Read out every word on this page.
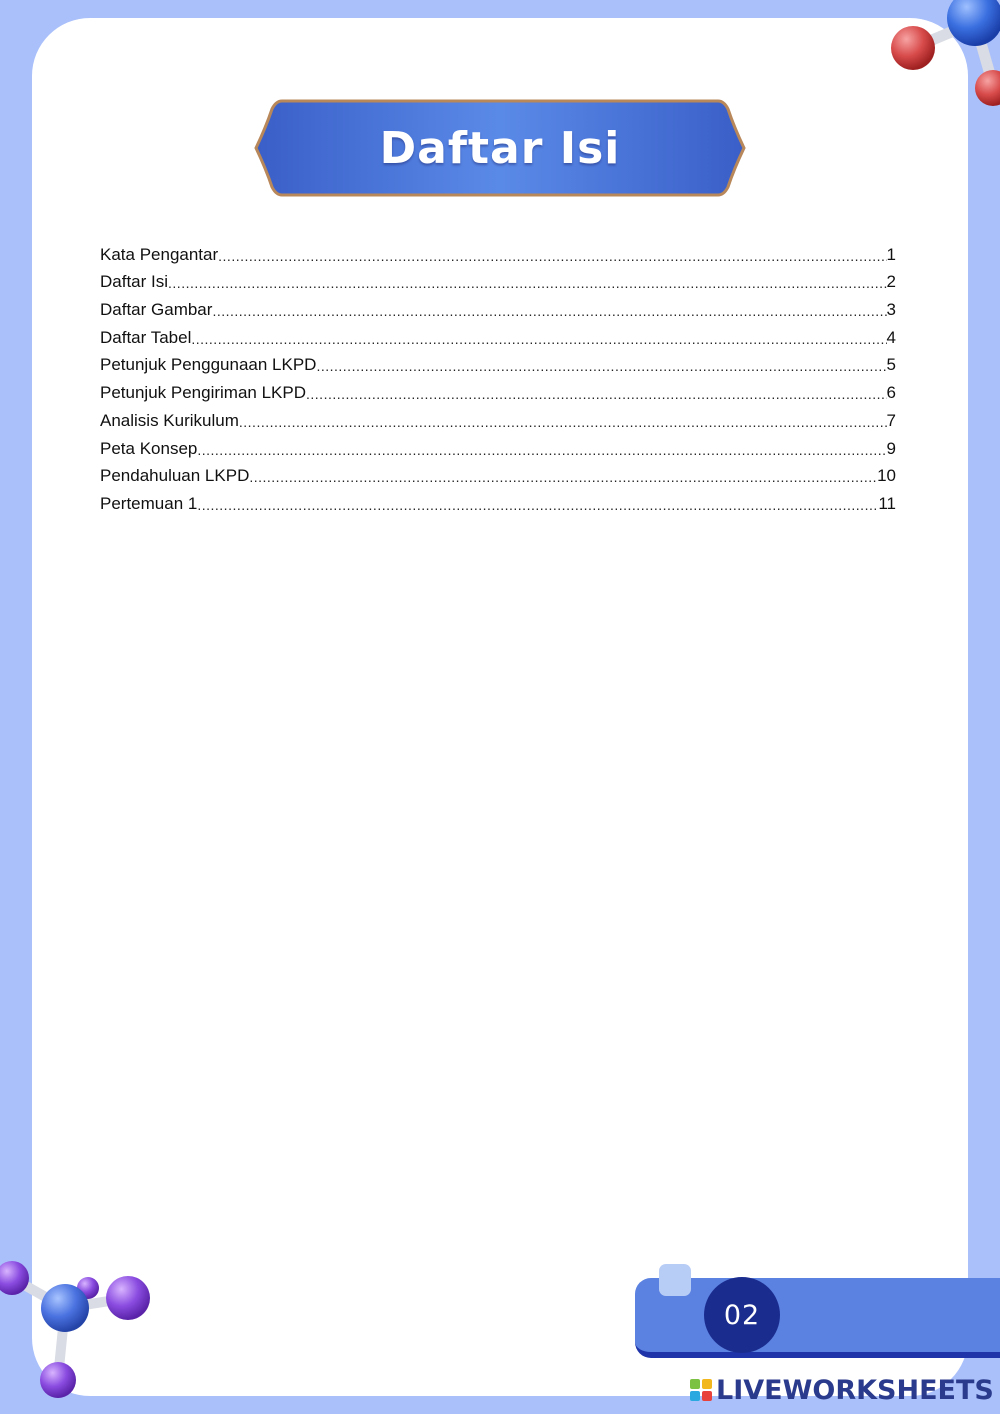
Daftar Isi
Kata Pengantar .....	1
Daftar Isi .....	2
Daftar Gambar .....	3
Daftar Tabel .....	4
Petunjuk Penggunaan LKPD .....	5
Petunjuk Pengiriman LKPD .....	6
Analisis Kurikulum .....	7
Peta Konsep .....	9
Pendahuluan LKPD .....	10
Pertemuan 1 .....	11
02
LIVEWORKSHEETS
